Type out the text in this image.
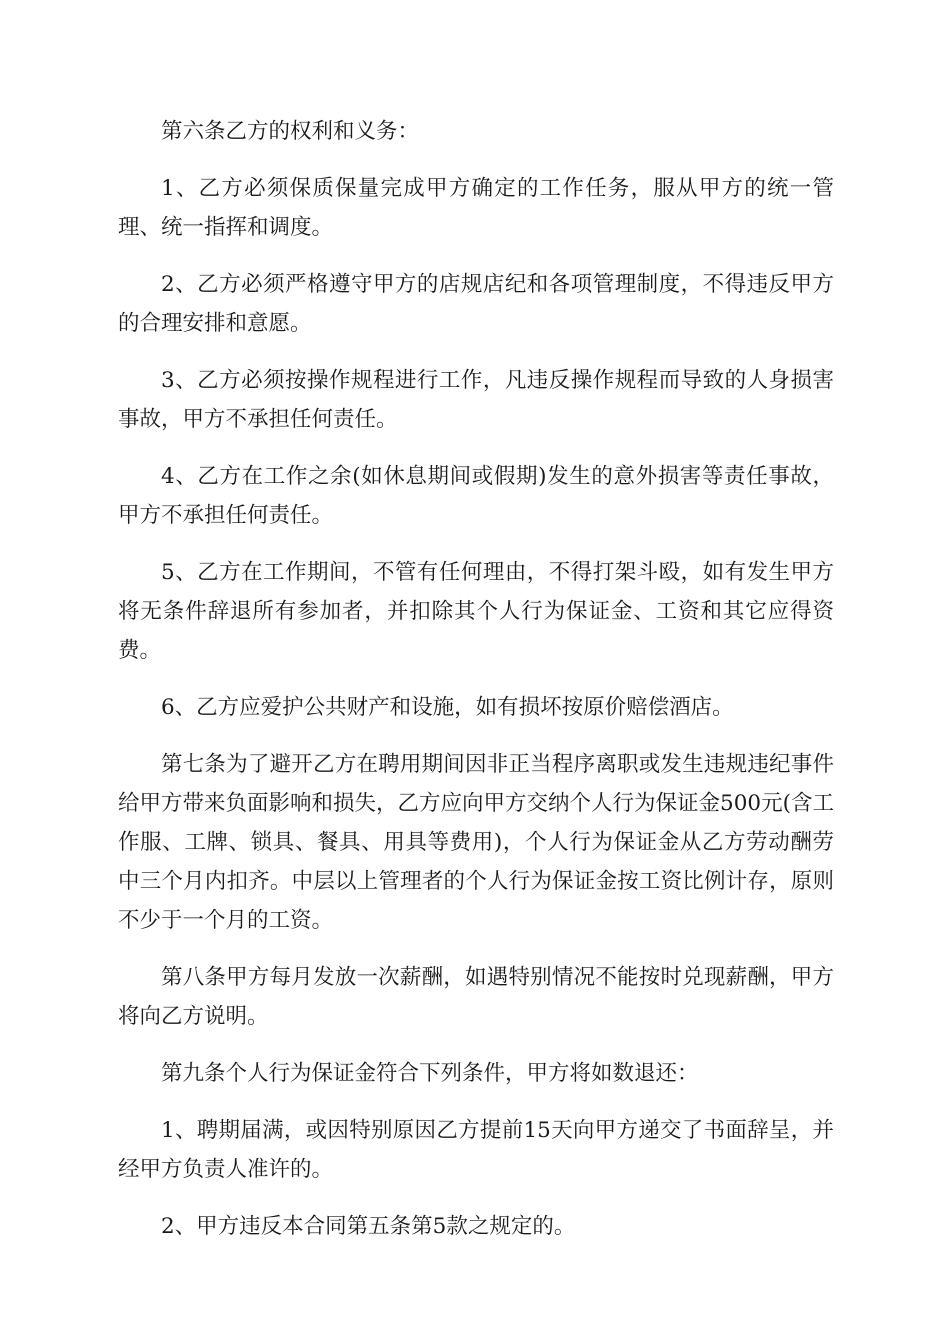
第六条乙方的权利和义务：

1、乙方必须保质保量完成甲方确定的工作任务，服从甲方的统一管理、统一指挥和调度。

2、乙方必须严格遵守甲方的店规店纪和各项管理制度，不得违反甲方的合理安排和意愿。

3、乙方必须按操作规程进行工作，凡违反操作规程而导致的人身损害事故，甲方不承担任何责任。

4、乙方在工作之余(如休息期间或假期)发生的意外损害等责任事故，甲方不承担任何责任。

5、乙方在工作期间，不管有任何理由，不得打架斗殴，如有发生甲方将无条件辞退所有参加者，并扣除其个人行为保证金、工资和其它应得资费。

6、乙方应爱护公共财产和设施，如有损坏按原价赔偿酒店。

第七条为了避开乙方在聘用期间因非正当程序离职或发生违规违纪事件给甲方带来负面影响和损失，乙方应向甲方交纳个人行为保证金500元(含工作服、工牌、锁具、餐具、用具等费用)，个人行为保证金从乙方劳动酬劳中三个月内扣齐。中层以上管理者的个人行为保证金按工资比例计存，原则不少于一个月的工资。

第八条甲方每月发放一次薪酬，如遇特别情况不能按时兑现薪酬，甲方将向乙方说明。

第九条个人行为保证金符合下列条件，甲方将如数退还：

1、聘期届满，或因特别原因乙方提前15天向甲方递交了书面辞呈，并经甲方负责人准许的。

2、甲方违反本合同第五条第5款之规定的。
